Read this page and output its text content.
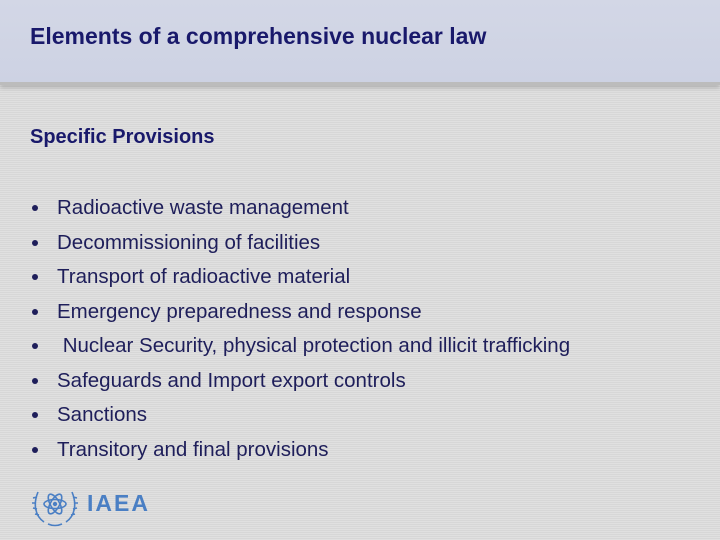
Elements of a comprehensive nuclear law
Specific Provisions
Radioactive waste management
Decommissioning of facilities
Transport of radioactive material
Emergency preparedness and response
Nuclear Security, physical protection and illicit trafficking
Safeguards and Import export controls
Sanctions
Transitory and final provisions
IAEA
